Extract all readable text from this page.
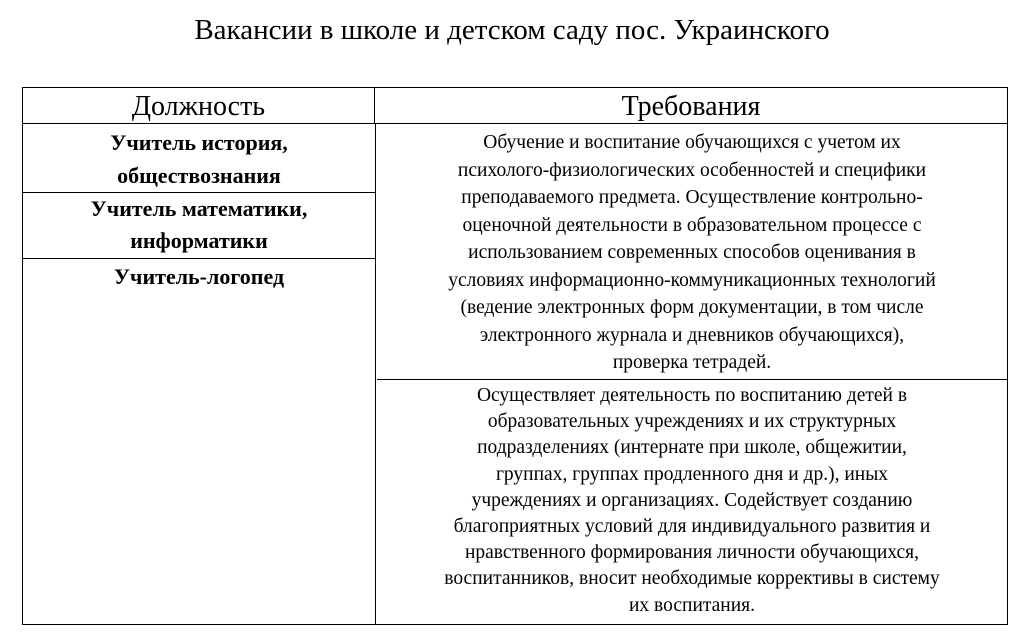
Вакансии в школе и детском саду пос. Украинского
Должность	Требования
Учитель история,
обществознания
Учитель математики,
информатики
Учитель-логопед
Обучение и воспитание обучающихся с учетом их
психолого-физиологических особенностей и специфики
преподаваемого предмета. Осуществление контрольно-
оценочной деятельности в образовательном процессе с
использованием современных способов оценивания в
условиях информационно-коммуникационных технологий
(ведение электронных форм документации, в том числе
электронного журнала и дневников обучающихся),
проверка тетрадей.
Осуществляет деятельность по воспитанию детей в
образовательных учреждениях и их структурных
подразделениях (интернате при школе, общежитии,
группах, группах продленного дня и др.), иных
учреждениях и организациях. Содействует созданию
благоприятных условий для индивидуального развития и
нравственного формирования личности обучающихся,
воспитанников, вносит необходимые коррективы в систему
их воспитания.
